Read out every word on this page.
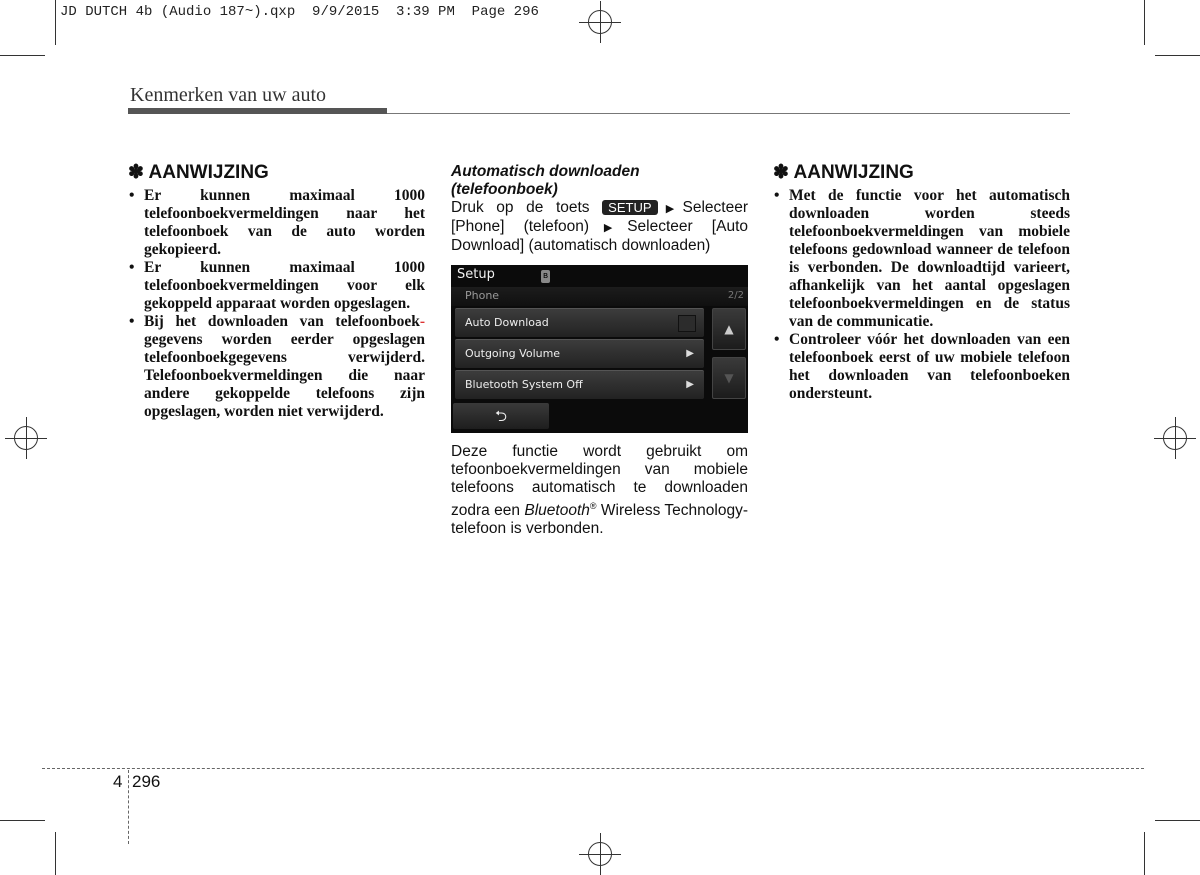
JD DUTCH 4b (Audio 187~).qxp  9/9/2015  3:39 PM  Page 296
Kenmerken van uw auto
✽ AANWIJZING
• Er kunnen maximaal 1000 telefoonboekvermeldingen naar het telefoonboek van de auto worden gekopieerd.
• Er kunnen maximaal 1000 telefoonboekvermeldingen voor elk gekoppeld apparaat worden opgeslagen.
• Bij het downloaden van telefoonboek-gegevens worden eerder opgeslagen telefoonboekgegevens verwijderd. Telefoonboekvermeldingen die naar andere gekoppelde telefoons zijn opgeslagen, worden niet verwijderd.
Automatisch downloaden
(telefoonboek)
Druk op de toets SETUP ▶Selecteer [Phone] (telefoon)▶Selecteer [Auto Download] (automatisch downloaden)
Setup	ʙ
Phone	2/2
Auto Download
Outgoing Volume	▶
Bluetooth System Off	▶
▲
▼
⮌
Deze functie wordt gebruikt om tefoonboekvermeldingen van mobiele telefoons automatisch te downloaden zodra een Bluetooth® Wireless Technology-telefoon is verbonden.
✽ AANWIJZING
• Met de functie voor het automatisch downloaden worden steeds telefoonboekvermeldingen van mobiele telefoons gedownload wanneer de telefoon is verbonden. De downloadtijd varieert, afhankelijk van het aantal opgeslagen telefoonboekvermeldingen en de status van de communicatie.
• Controleer vóór het downloaden van een telefoonboek eerst of uw mobiele telefoon het downloaden van telefoonboeken ondersteunt.
4 296
